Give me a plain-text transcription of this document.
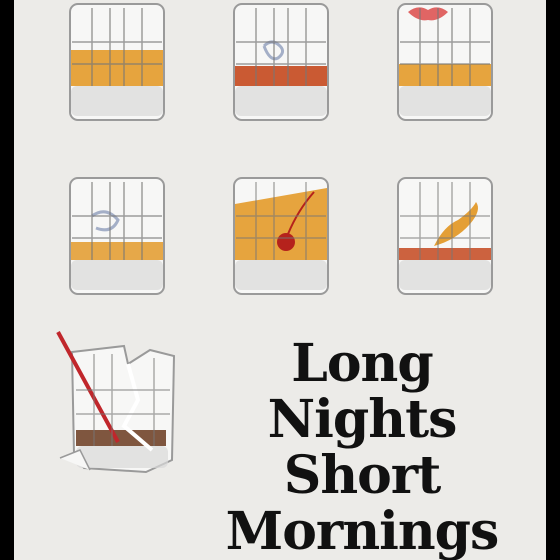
Long
Nights
Short
Mornings
